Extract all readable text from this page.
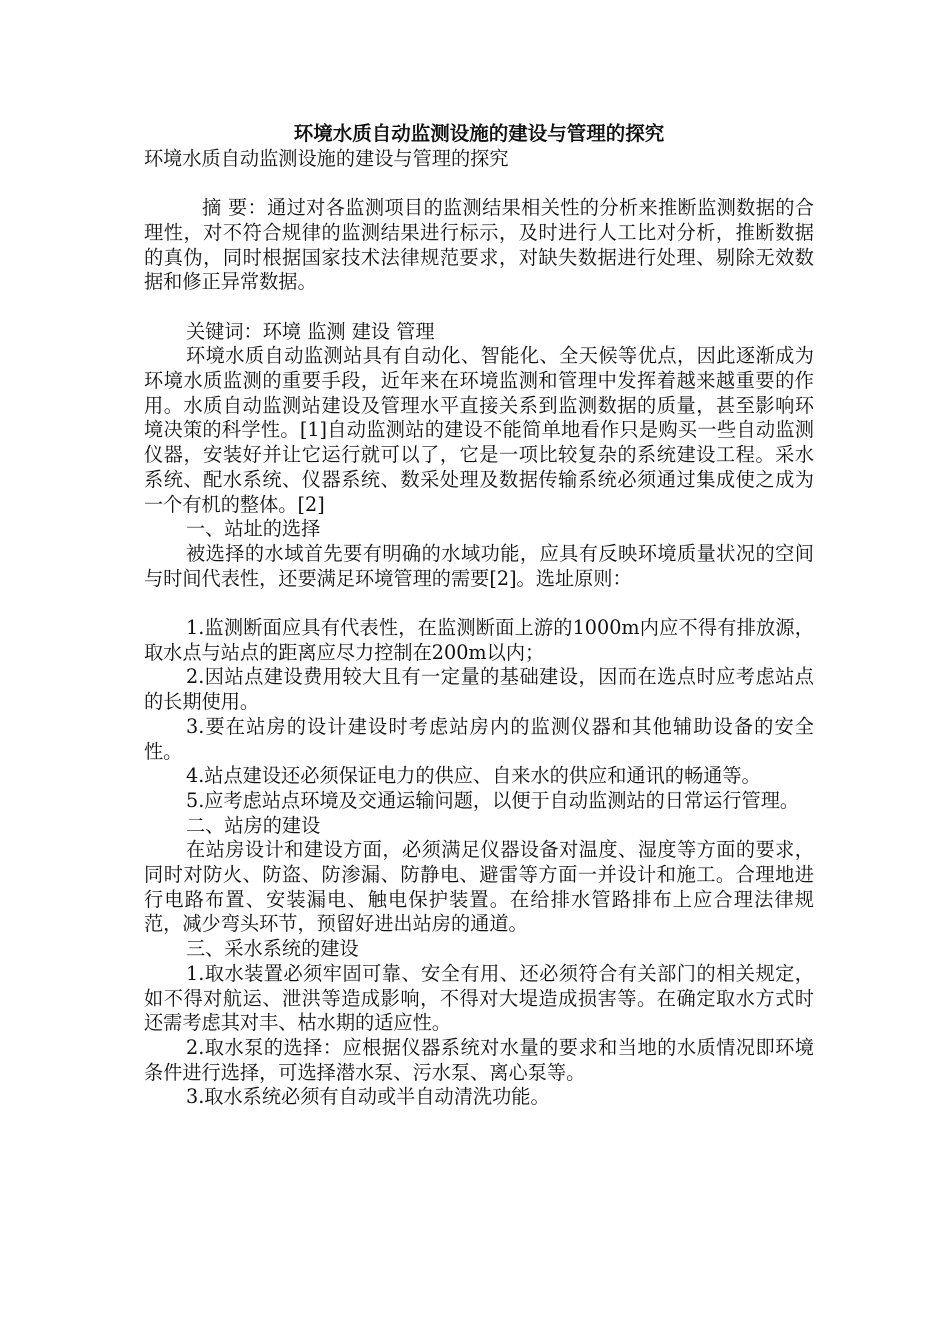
环境水质自动监测设施的建设与管理的探究

环境水质自动监测设施的建设与管理的探究

摘 要：通过对各监测项目的监测结果相关性的分析来推断监测数据的合理性，对不符合规律的监测结果进行标示，及时进行人工比对分析，推断数据的真伪，同时根据国家技术法律规范要求，对缺失数据进行处理、剔除无效数据和修正异常数据。

关键词：环境 监测 建设 管理

环境水质自动监测站具有自动化、智能化、全天候等优点，因此逐渐成为环境水质监测的重要手段，近年来在环境监测和管理中发挥着越来越重要的作用。水质自动监测站建设及管理水平直接关系到监测数据的质量，甚至影响环境决策的科学性。[1]自动监测站的建设不能简单地看作只是购买一些自动监测仪器，安装好并让它运行就可以了，它是一项比较复杂的系统建设工程。采水系统、配水系统、仪器系统、数采处理及数据传输系统必须通过集成使之成为一个有机的整体。[2]

一、站址的选择

被选择的水域首先要有明确的水域功能，应具有反映环境质量状况的空间与时间代表性，还要满足环境管理的需要[2]。选址原则：

1.监测断面应具有代表性，在监测断面上游的1000m内应不得有排放源，取水点与站点的距离应尽力控制在200m以内；

2.因站点建设费用较大且有一定量的基础建设，因而在选点时应考虑站点的长期使用。

3.要在站房的设计建设时考虑站房内的监测仪器和其他辅助设备的安全性。

4.站点建设还必须保证电力的供应、自来水的供应和通讯的畅通等。

5.应考虑站点环境及交通运输问题，以便于自动监测站的日常运行管理。

二、站房的建设

在站房设计和建设方面，必须满足仪器设备对温度、湿度等方面的要求，同时对防火、防盗、防渗漏、防静电、避雷等方面一并设计和施工。合理地进行电路布置、安装漏电、触电保护装置。在给排水管路排布上应合理法律规范，减少弯头环节，预留好进出站房的通道。

三、采水系统的建设

1.取水装置必须牢固可靠、安全有用、还必须符合有关部门的相关规定，如不得对航运、泄洪等造成影响，不得对大堤造成损害等。在确定取水方式时还需考虑其对丰、枯水期的适应性。

2.取水泵的选择：应根据仪器系统对水量的要求和当地的水质情况即环境条件进行选择，可选择潜水泵、污水泵、离心泵等。

3.取水系统必须有自动或半自动清洗功能。
